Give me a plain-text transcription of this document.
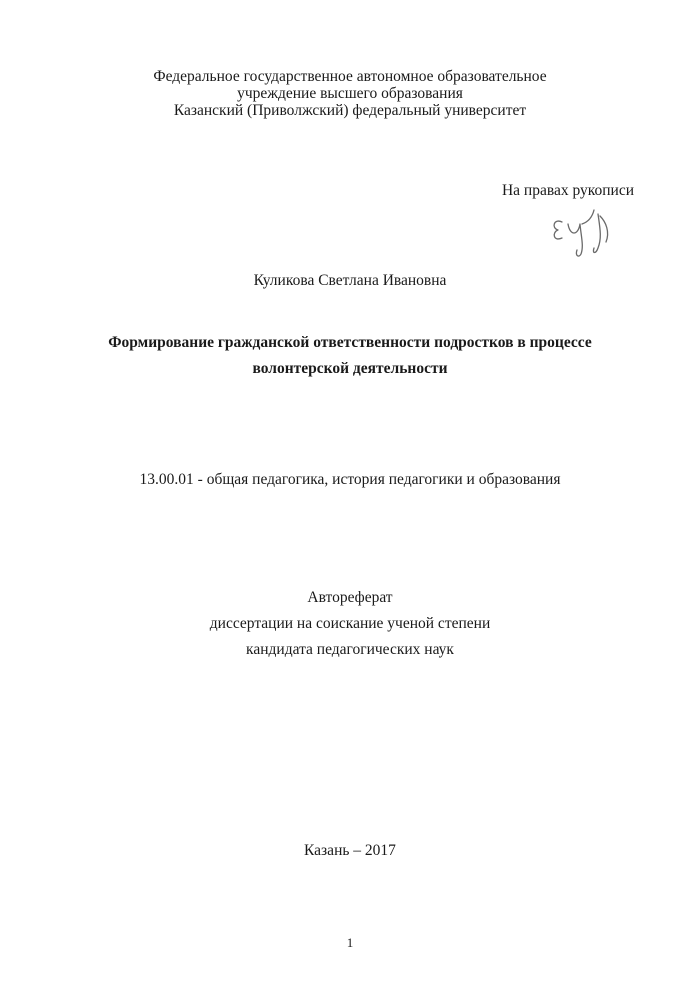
Федеральное государственное автономное образовательное
учреждение высшего образования
Казанский (Приволжский) федеральный университет
На правах рукописи
Куликова Светлана Ивановна
Формирование гражданской ответственности подростков в процессе
волонтерской деятельности
13.00.01 - общая педагогика, история педагогики и образования
Автореферат
диссертации на соискание ученой степени
кандидата педагогических наук
Казань – 2017
1
